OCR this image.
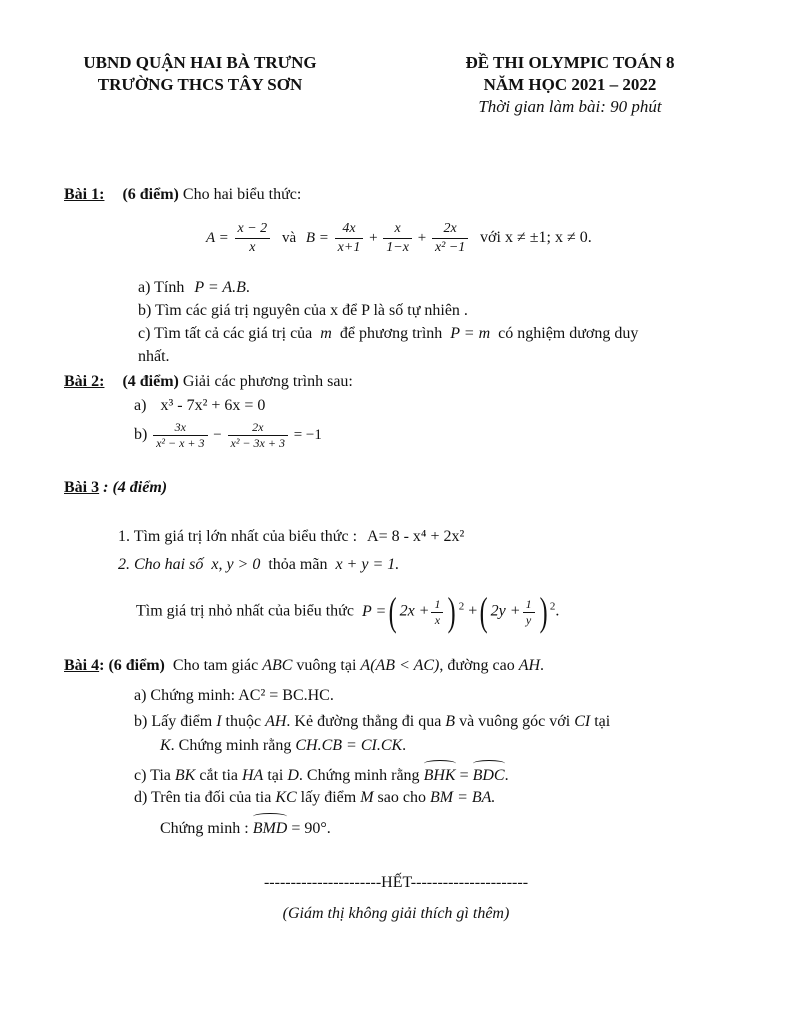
UBND QUẬN HAI BÀ TRƯNG
TRƯỜNG THCS TÂY SƠN
ĐỀ THI OLYMPIC TOÁN 8
NĂM HỌC 2021 – 2022
Thời gian làm bài: 90 phút
Bài 1: (6 điểm) Cho hai biểu thức:
$A = \frac{x - 2}{x}$ và $B = \frac{4x}{x+1} + \frac{x}{1-x} + \frac{2x}{\text{x² −1}}$ với x ≠ ±1; x ≠ 0.
a) Tính P = A.B.
b) Tìm các giá trị nguyên của x để P là số tự nhiên .
c) Tìm tất cả các giá trị của m để phương trình P = m có nghiệm dương duy
nhất.
Bài 2: (4 điểm) Giải các phương trình sau:
a) x³ - 7x² + 6x = 0
$b) \frac{3x}{\text{x² − x + 3}} - \frac{2x}{\text{x² − 3x + 3}} = -1$
Bài 3 : (4 điểm)
1. Tìm giá trị lớn nhất của biểu thức : A= 8 - x⁴ + 2x²
2. Cho hai số x, y > 0 thỏa mãn x + y = 1.
Tìm giá trị nhỏ nhất của biểu thức P =( $2x + \frac{1}{x}$ ) $^2$ +( $2y + \frac{1}{y}$ ) $^2$.
Bài 4: (6 điểm) Cho tam giác ABC vuông tại A(AB < AC), đường cao AH.
a) Chứng minh: AC² = BC.HC.
b) Lấy điểm I thuộc AH. Kẻ đường thẳng đi qua B và vuông góc với CI tại
K. Chứng minh rằng CH.CB = CI.CK.
c) Tia BK cắt tia HA tại D. Chứng minh rằng BHK = BDC.
d) Trên tia đối của tia KC lấy điểm M sao cho BM = BA.
Chứng minh : BMD = 90°.
----------------------HẾT----------------------
(Giám thị không giải thích gì thêm)
